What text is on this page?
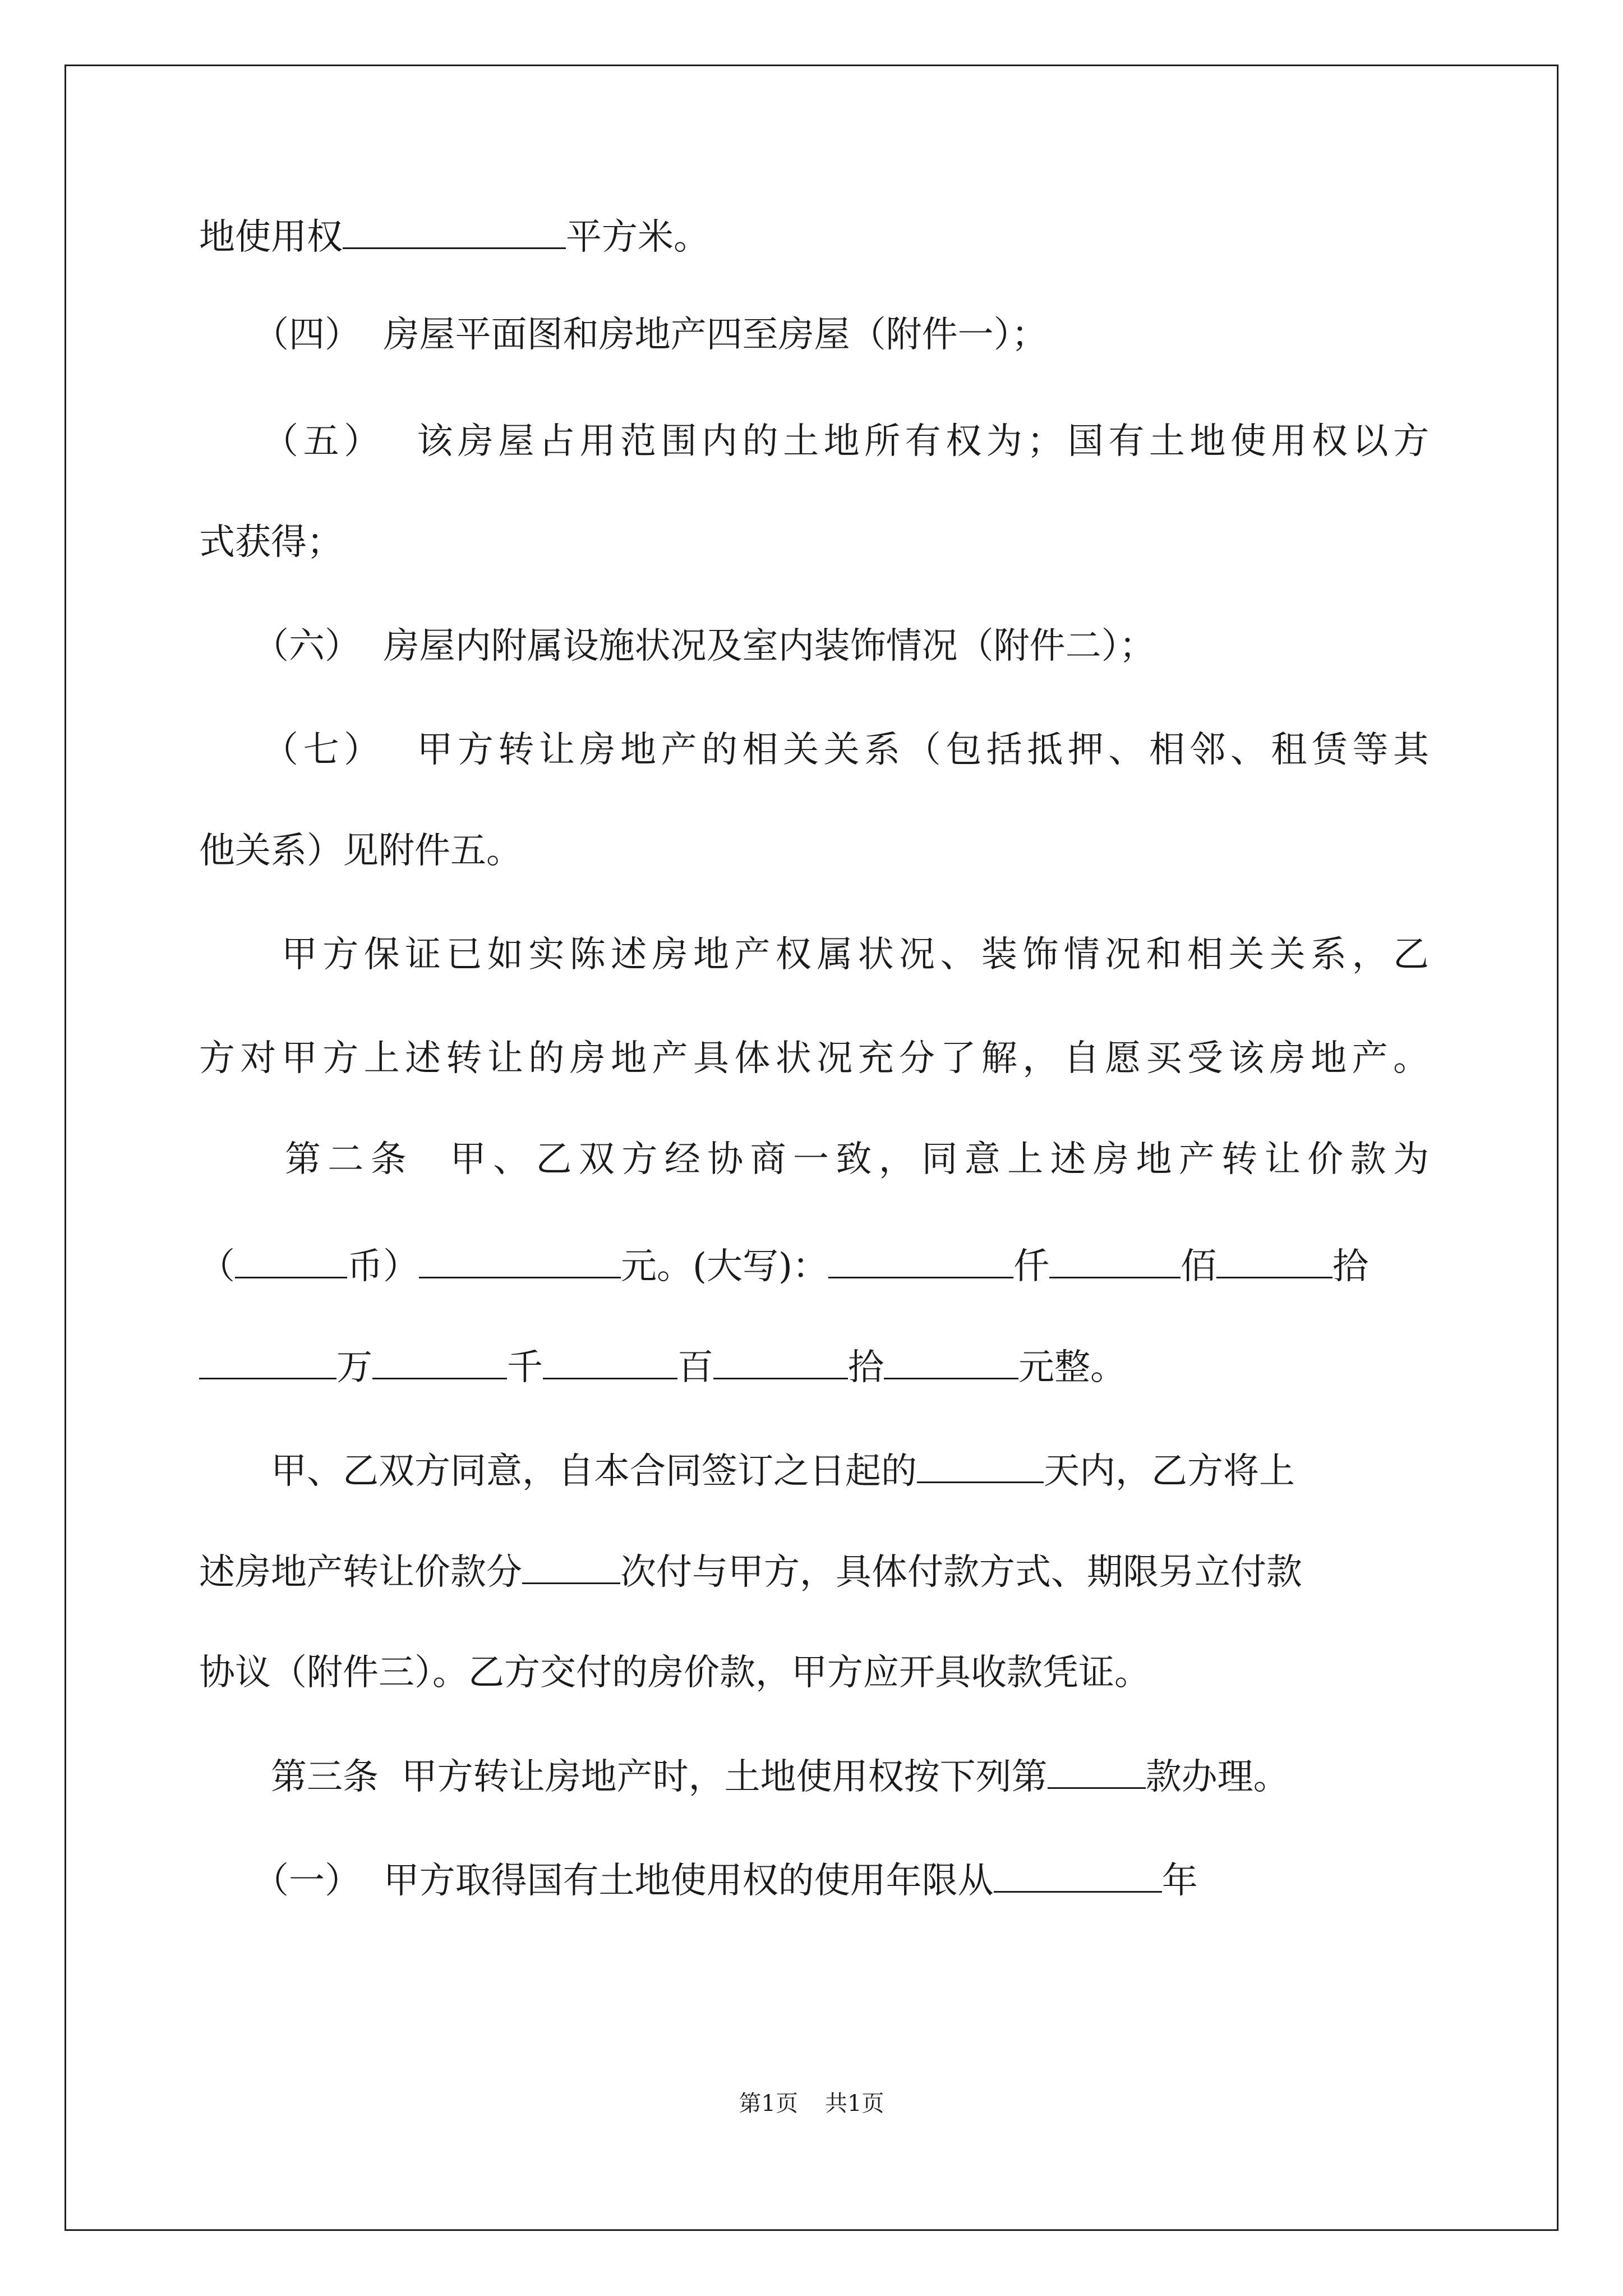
地使用权	平方米。

　　（四）  房屋平面图和房地产四至房屋（附件一）；

　　（五）  该房屋占用范围内的土地所有权为；国有土地使用权以方

式获得；

　　（六）  房屋内附属设施状况及室内装饰情况（附件二）；

　　（七）  甲方转让房地产的相关关系（包括抵押、相邻、租赁等其

他关系）见附件五。

　　甲方保证已如实陈述房地产权属状况、装饰情况和相关关系，乙

方对甲方上述转让的房地产具体状况充分了解，自愿买受该房地产。

　　第二条  甲、乙双方经协商一致，同意上述房地产转让价款为

（	币）	元。(大写)：	仟	佰	拾

万	千	百	拾	元整。

　　甲、乙双方同意，自本合同签订之日起的	天内，乙方将上

述房地产转让价款分	次付与甲方，具体付款方式、期限另立付款

协议（附件三）。乙方交付的房价款，甲方应开具收款凭证。

　　第三条  甲方转让房地产时，土地使用权按下列第	款办理。

　　（一）  甲方取得国有土地使用权的使用年限从	年

第1页 共1页
